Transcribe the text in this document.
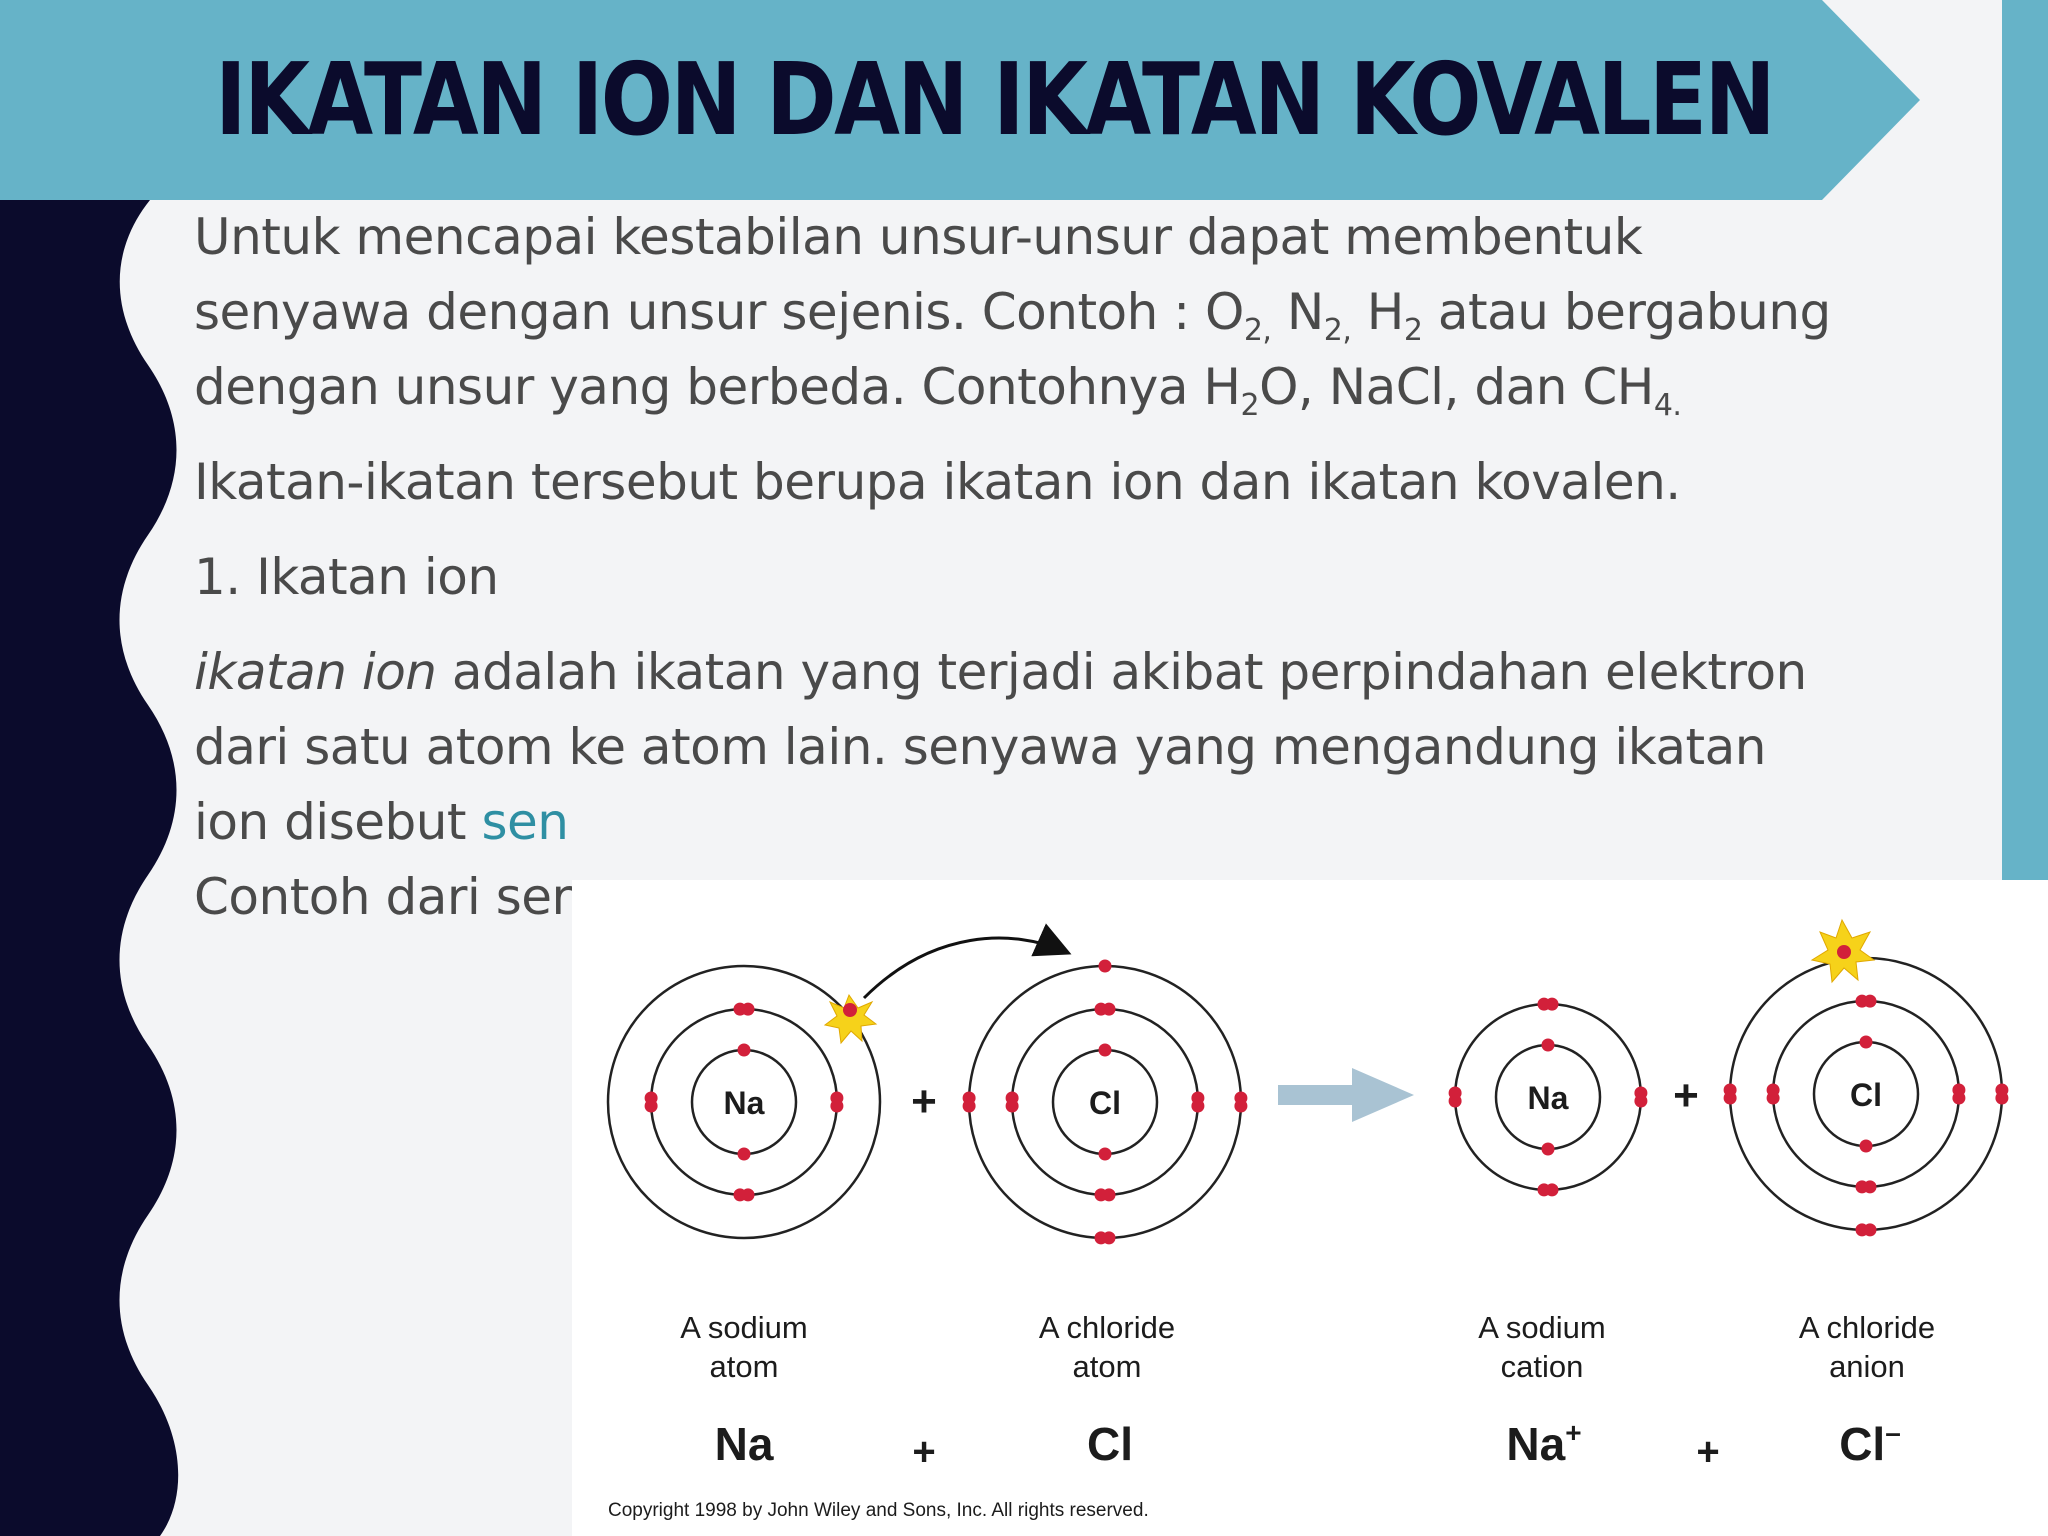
IKATAN ION DAN IKATAN KOVALEN

Untuk mencapai kestabilan unsur-unsur dapat membentuk senyawa dengan unsur sejenis. Contoh : $O_{2,}$ $N_{2,}$ $H_2$ atau bergabung dengan unsur yang berbeda. Contohnya $H_2O$, NaCl, dan $CH_{4.}$

Ikatan-ikatan tersebut berupa ikatan ion dan ikatan kovalen.

1. Ikatan ion

ikatan ion adalah ikatan yang terjadi akibat perpindahan elektron dari satu atom ke atom lain. senyawa yang mengandung ikatan ion disebut sen

Contoh dari ser

Na	+	Cl	Na +	Cl
A sodium
atom
A chloride
atom
A sodium
cation
A chloride
anion
Na	+	Cl	Na+	+	Cl–
Copyright 1998 by John Wiley and Sons, Inc. All rights reserved.
